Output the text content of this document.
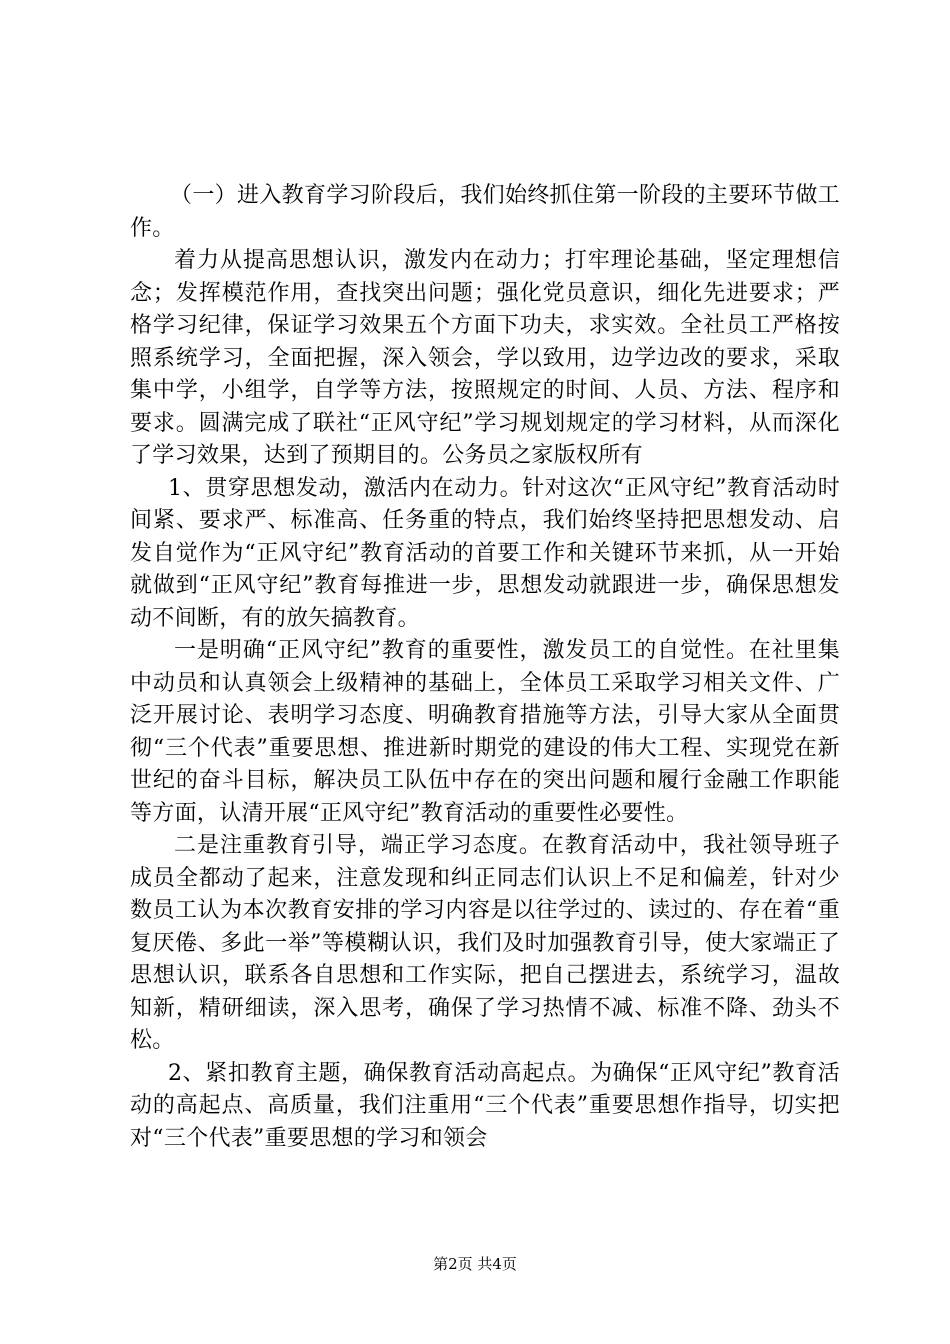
（一）进入教育学习阶段后，我们始终抓住第一阶段的主要环节做工作。

着力从提高思想认识，激发内在动力；打牢理论基础，坚定理想信念；发挥模范作用，查找突出问题；强化党员意识，细化先进要求；严格学习纪律，保证学习效果五个方面下功夫，求实效。全社员工严格按照系统学习，全面把握，深入领会，学以致用，边学边改的要求，采取集中学，小组学，自学等方法，按照规定的时间、人员、方法、程序和要求。圆满完成了联社“正风守纪”学习规划规定的学习材料，从而深化了学习效果，达到了预期目的。公务员之家版权所有

1、贯穿思想发动，激活内在动力。针对这次“正风守纪”教育活动时间紧、要求严、标准高、任务重的特点，我们始终坚持把思想发动、启发自觉作为“正风守纪”教育活动的首要工作和关键环节来抓，从一开始就做到“正风守纪”教育每推进一步，思想发动就跟进一步，确保思想发动不间断，有的放矢搞教育。

一是明确“正风守纪”教育的重要性，激发员工的自觉性。在社里集中动员和认真领会上级精神的基础上，全体员工采取学习相关文件、广泛开展讨论、表明学习态度、明确教育措施等方法，引导大家从全面贯彻“三个代表”重要思想、推进新时期党的建设的伟大工程、实现党在新世纪的奋斗目标，解决员工队伍中存在的突出问题和履行金融工作职能等方面，认清开展“正风守纪”教育活动的重要性必要性。

二是注重教育引导，端正学习态度。在教育活动中，我社领导班子成员全都动了起来，注意发现和纠正同志们认识上不足和偏差，针对少数员工认为本次教育安排的学习内容是以往学过的、读过的、存在着“重复厌倦、多此一举”等模糊认识，我们及时加强教育引导，使大家端正了思想认识，联系各自思想和工作实际，把自己摆进去，系统学习，温故知新，精研细读，深入思考，确保了学习热情不减、标准不降、劲头不松。

2、紧扣教育主题，确保教育活动高起点。为确保“正风守纪”教育活动的高起点、高质量，我们注重用“三个代表”重要思想作指导，切实把对“三个代表”重要思想的学习和领会

第2页 共4页
